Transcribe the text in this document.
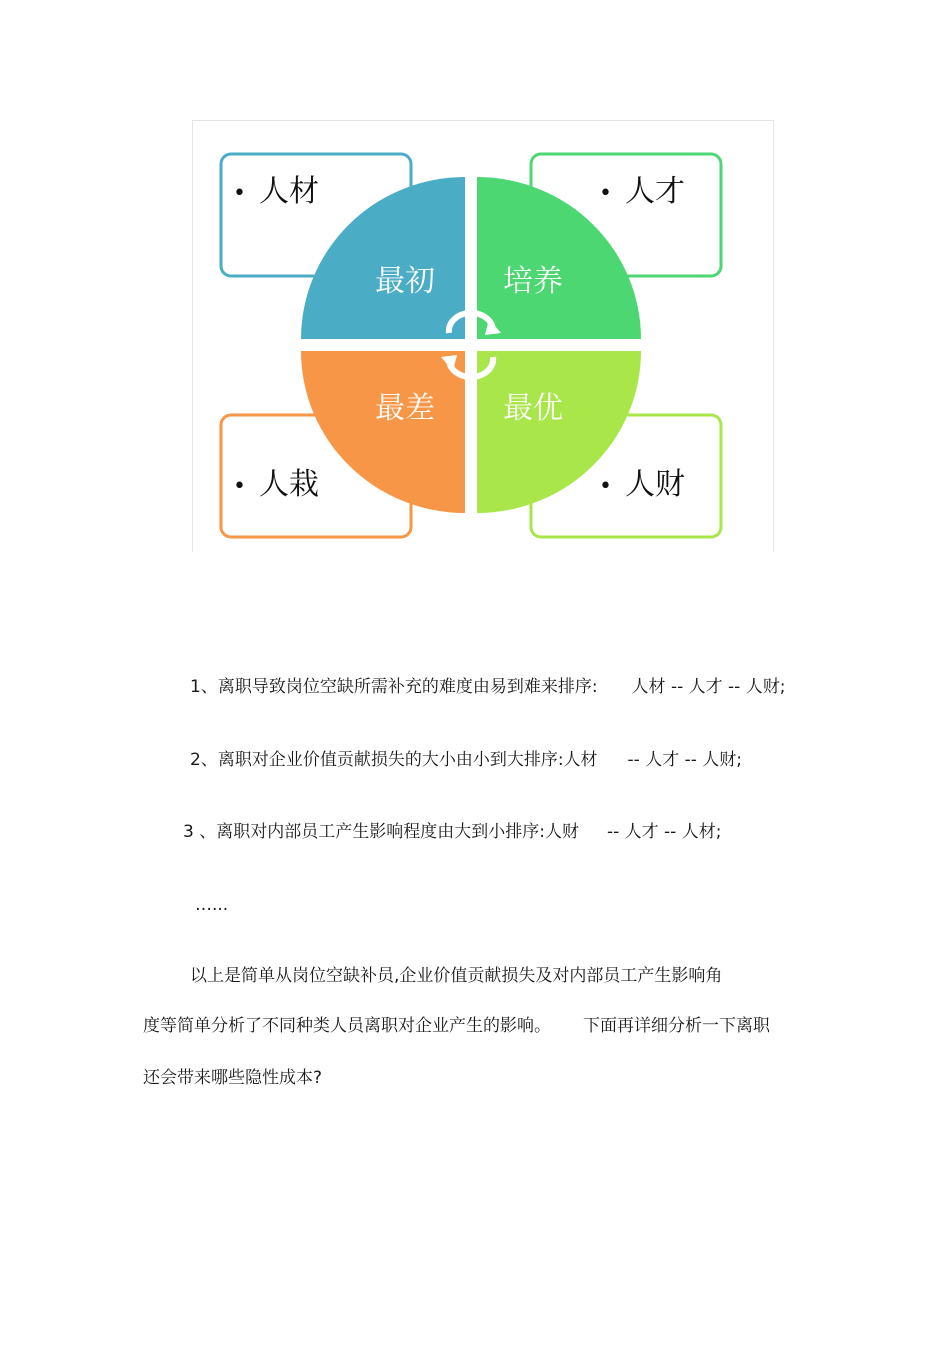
最初 培养
最差 最优
• 人材	• 人才
• 人栽	• 人财
1、离职导致岗位空缺所需补充的难度由易到难来排序: 人材 -- 人才 -- 人财;
2、离职对企业价值贡献损失的大小由小到大排序:人材 -- 人才 -- 人财;
3 、离职对内部员工产生影响程度由大到小排序:人财 -- 人才 -- 人材;
…...
以上是简单从岗位空缺补员,企业价值贡献损失及对内部员工产生影响角
度等简单分析了不同种类人员离职对企业产生的影响。 下面再详细分析一下离职
还会带来哪些隐性成本?
